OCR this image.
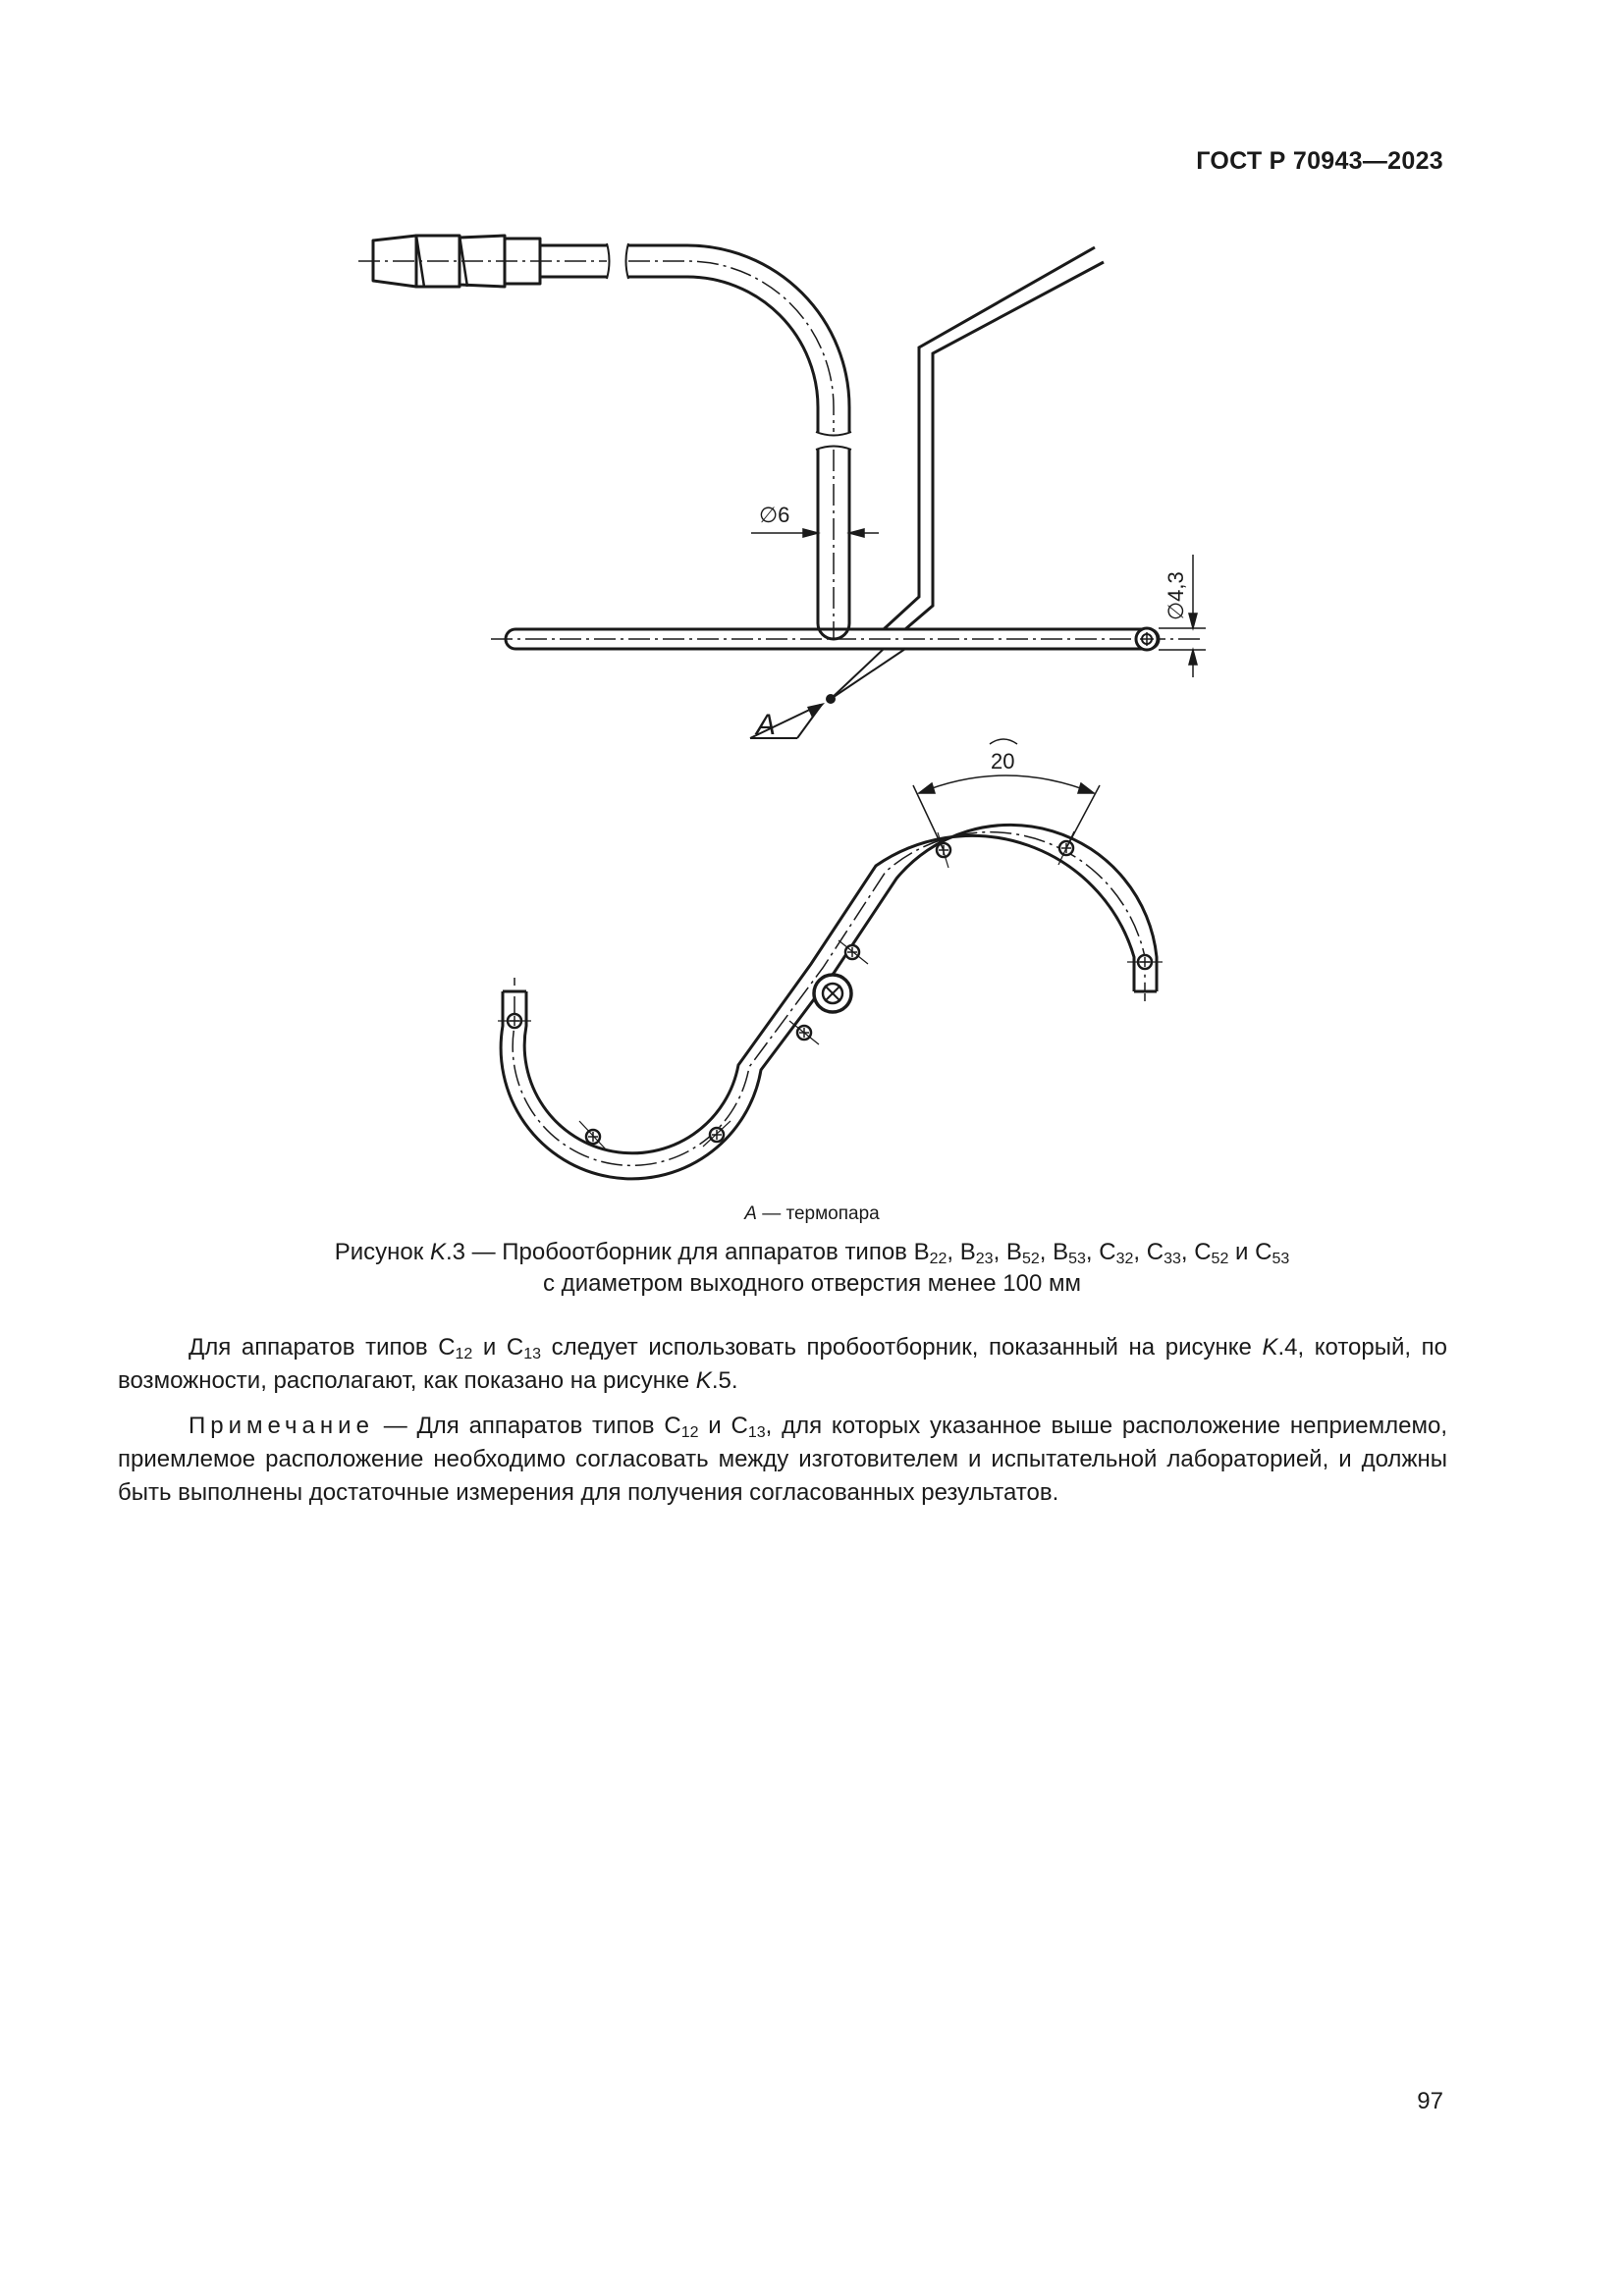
ГОСТ Р 70943—2023
A
∅6
∅4,3
20
A — термопара
Рисунок K.3 — Пробоотборник для аппаратов типов $B_{22}$, $B_{23}$, $B_{52}$, $B_{53}$, $C_{32}$, $C_{33}$, $C_{52}$ и $C_{53}$
с диаметром выходного отверстия менее 100 мм
Для аппаратов типов $C_{12}$ и $C_{13}$ следует использовать пробоотборник, показанный на рисунке K.4, который, по возможности, располагают, как показано на рисунке K.5.
Примечание — Для аппаратов типов $C_{12}$ и $C_{13}$, для которых указанное выше расположение неприемлемо, приемлемое расположение необходимо согласовать между изготовителем и испытательной лабораторией, и должны быть выполнены достаточные измерения для получения согласованных результатов.
97
